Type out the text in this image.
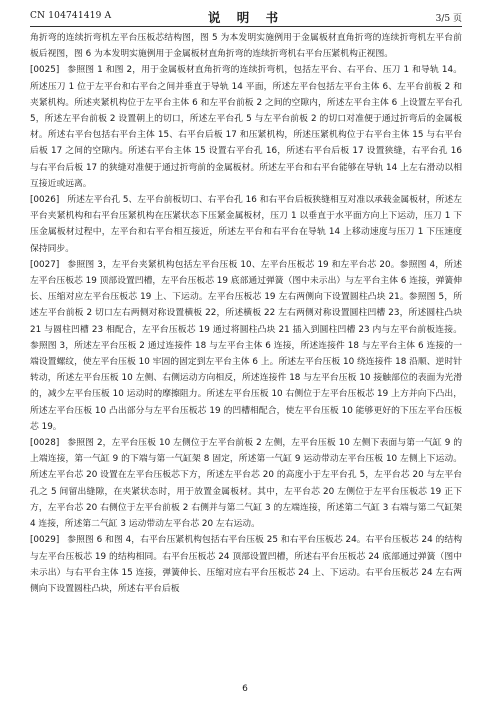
CN 104741419 A	说 明 书	3/5 页

角折弯的连续折弯机左平台压板芯结构图，图 5 为本发明实施例用于金属板材直角折弯的连续折弯机左平台前板后视图，图 6 为本发明实施例用于金属板材直角折弯的连续折弯机右平台压紧机构正视图。

[0025] 参照图 1 和图 2，用于金属板材直角折弯的连续折弯机，包括左平台、右平台、压刀 1 和导轨 14。所述压刀 1 位于左平台和右平台之间并垂直于导轨 14 平面，所述左平台包括左平台主体 6、左平台前板 2 和夹紧机构。所述夹紧机构位于左平台主体 6 和左平台前板 2 之间的空隙内，所述左平台主体 6 上设置左平台孔 5，所述左平台前板 2 设置朝上的切口，所述左平台孔 5 与左平台前板 2 的切口对准便于通过折弯后的金属板材。所述右平台包括右平台主体 15、右平台后板 17 和压紧机构，所述压紧机构位于右平台主体 15 与右平台后板 17 之间的空隙内。所述右平台主体 15 设置右平台孔 16，所述右平台后板 17 设置狭缝，右平台孔 16 与右平台后板 17 的狭缝对准便于通过折弯前的金属板材。所述左平台和右平台能够在导轨 14 上左右滑动以相互接近或远离。

[0026] 所述左平台孔 5、左平台前板切口、右平台孔 16 和右平台后板狭缝相互对准以承载金属板材，所述左平台夹紧机构和右平台压紧机构在压紧状态下压紧金属板材，压刀 1 以垂直于水平面方向上下运动，压刀 1 下压金属板材过程中，左平台和右平台相互接近，所述左平台和右平台在导轨 14 上移动速度与压刀 1 下压速度保持同步。

[0027] 参照图 3，左平台夹紧机构包括左平台压板 10、左平台压板芯 19 和左平台芯 20。参照图 4，所述左平台压板芯 19 顶部设置凹槽，左平台压板芯 19 底部通过弹簧（图中未示出）与左平台主体 6 连接，弹簧伸长、压缩对应左平台压板芯 19 上、下运动。左平台压板芯 19 左右两侧向下设置圆柱凸块 21。参照图 5，所述左平台前板 2 切口左右两侧对称设置横板 22，所述横板 22 左右两侧对称设置圆柱凹槽 23，所述圆柱凸块 21 与圆柱凹槽 23 相配合，左平台压板芯 19 通过将圆柱凸块 21 插入到圆柱凹槽 23 内与左平台前板连接。参照图 3，所述左平台压板 2 通过连接件 18 与左平台主体 6 连接，所述连接件 18 与左平台主体 6 连接的一端设置螺纹，使左平台压板 10 牢固的固定到左平台主体 6 上。所述左平台压板 10 绕连接件 18 沿顺、逆时针转动，所述左平台压板 10 左侧、右侧运动方向相反，所述连接件 18 与左平台压板 10 接触部位的表面为光滑的，减少左平台压板 10 运动时的摩擦阻力。所述左平台压板 10 右侧位于左平台压板芯 19 上方并向下凸出，所述左平台压板 10 凸出部分与左平台压板芯 19 的凹槽相配合，使左平台压板 10 能够更好的下压左平台压板芯 19。

[0028] 参照图 2，左平台压板 10 左侧位于左平台前板 2 左侧，左平台压板 10 左侧下表面与第一气缸 9 的上端连接，第一气缸 9 的下端与第一气缸架 8 固定，所述第一气缸 9 运动带动左平台压板 10 左侧上下运动。所述左平台芯 20 设置在左平台压板芯下方，所述左平台芯 20 的高度小于左平台孔 5，左平台芯 20 与左平台孔之 5 间留出缝隙，在夹紧状态时，用于放置金属板材。其中，左平台芯 20 左侧位于左平台压板芯 19 正下方，左平台芯 20 右侧位于左平台前板 2 右侧并与第二气缸 3 的左端连接，所述第二气缸 3 右端与第二气缸架 4 连接，所述第二气缸 3 运动带动左平台芯 20 左右运动。

[0029] 参照图 6 和图 4，右平台压紧机构包括右平台压板 25 和右平台压板芯 24。右平台压板芯 24 的结构与左平台压板芯 19 的结构相同。右平台压板芯 24 顶部设置凹槽，所述右平台压板芯 24 底部通过弹簧（图中未示出）与右平台主体 15 连接，弹簧伸长、压缩对应右平台压板芯 24 上、下运动。右平台压板芯 24 左右两侧向下设置圆柱凸块，所述右平台后板

6
